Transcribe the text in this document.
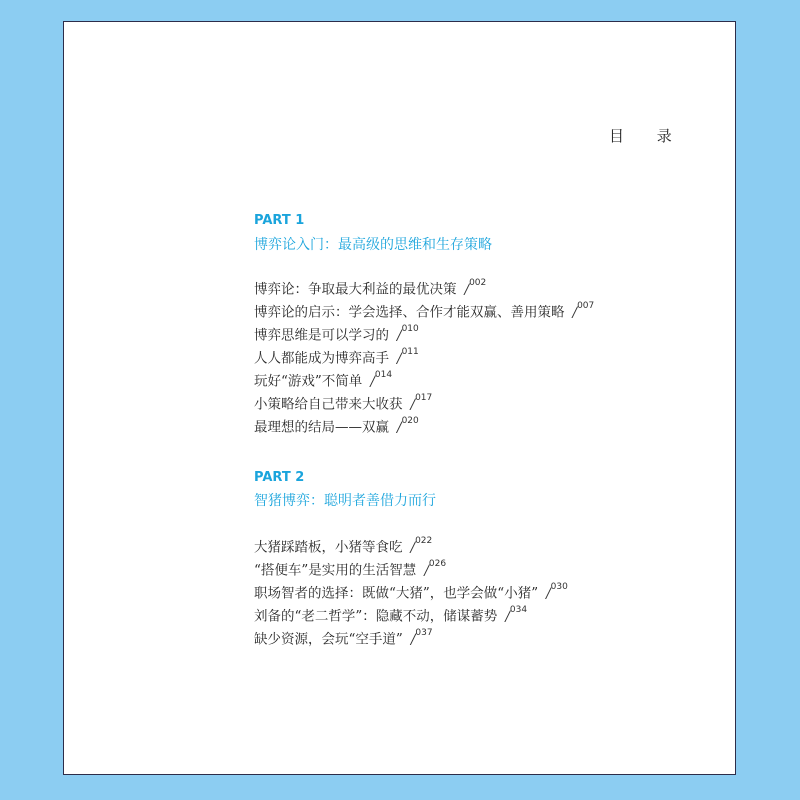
目 录
PART 1
博弈论入门：最高级的思维和生存策略
博弈论：争取最大利益的最优决策 /$^{002}$
博弈论的启示：学会选择、合作才能双赢、善用策略 /$^{007}$
博弈思维是可以学习的 /$^{010}$
人人都能成为博弈高手 /$^{011}$
玩好“游戏”不简单 /$^{014}$
小策略给自己带来大收获 /$^{017}$
最理想的结局——双赢 /$^{020}$
PART 2
智猪博弈：聪明者善借力而行
大猪踩踏板，小猪等食吃 /$^{022}$
“搭便车”是实用的生活智慧 /$^{026}$
职场智者的选择：既做“大猪”，也学会做“小猪” /$^{030}$
刘备的“老二哲学”：隐藏不动，储谋蓄势 /$^{034}$
缺少资源，会玩“空手道” /$^{037}$
